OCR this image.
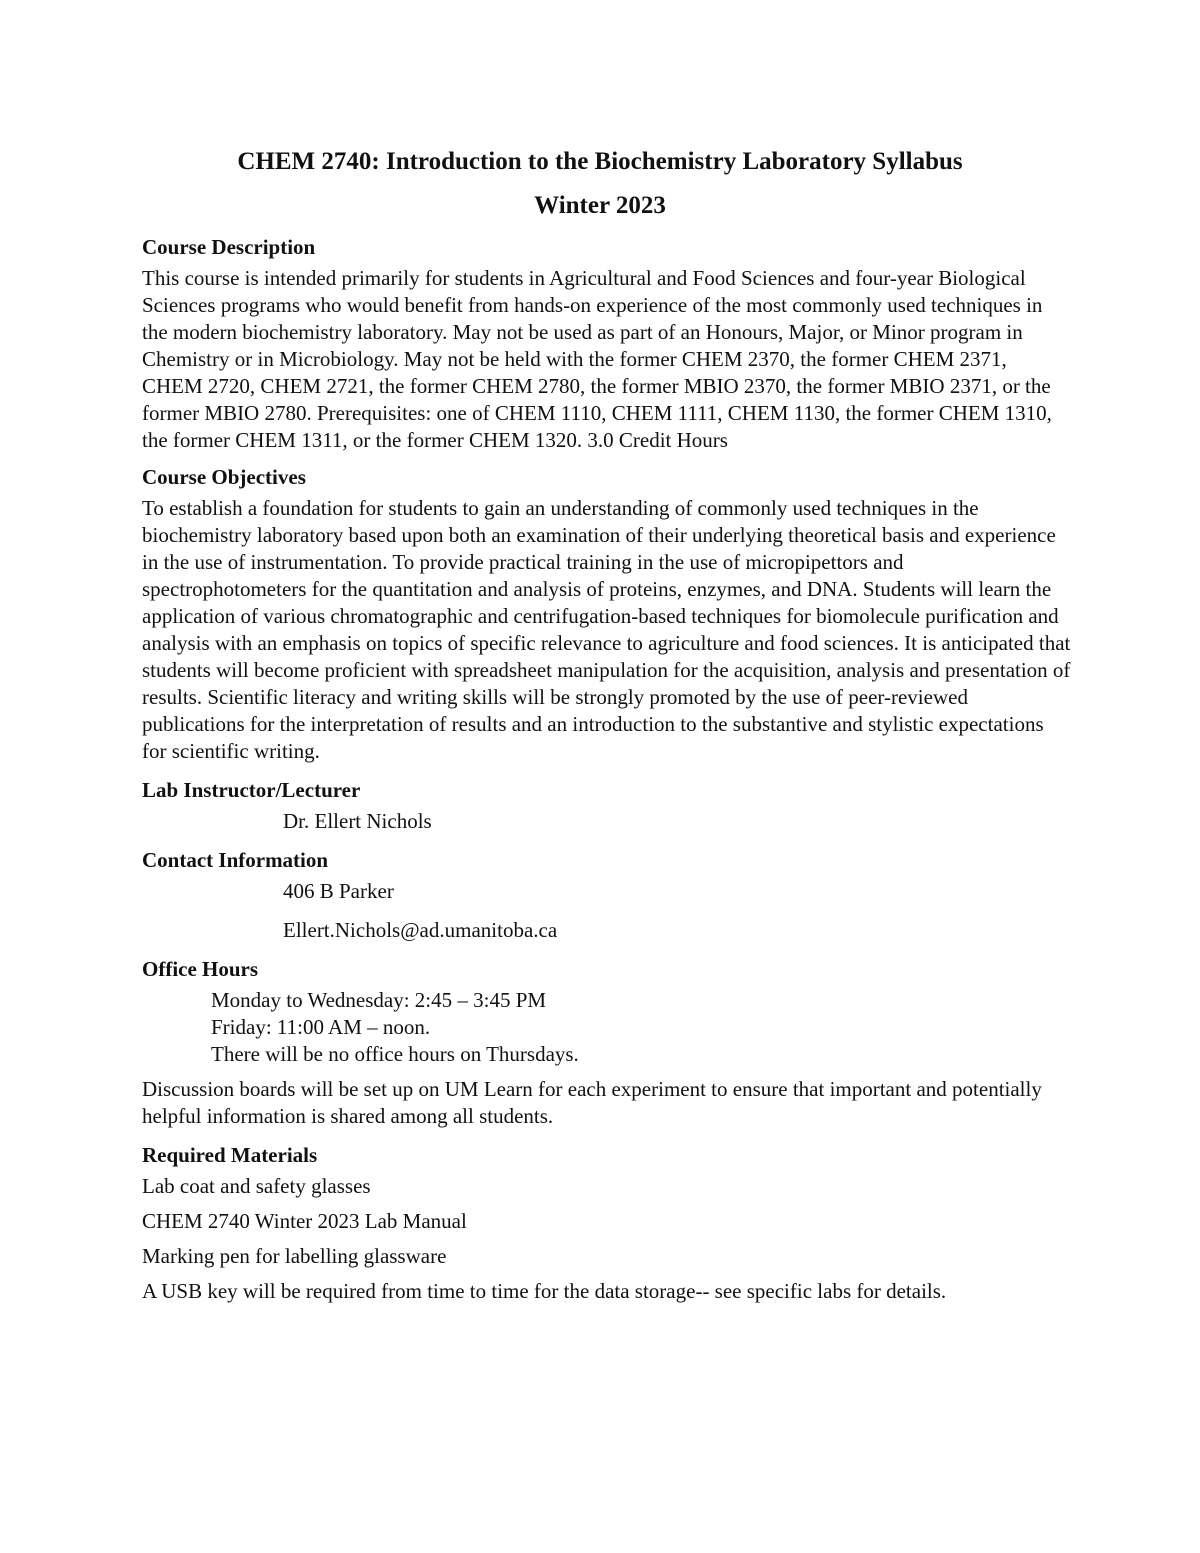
CHEM 2740: Introduction to the Biochemistry Laboratory Syllabus
Winter 2023
Course Description

This course is intended primarily for students in Agricultural and Food Sciences and four-year Biological Sciences programs who would benefit from hands-on experience of the most commonly used techniques in the modern biochemistry laboratory. May not be used as part of an Honours, Major, or Minor program in Chemistry or in Microbiology. May not be held with the former CHEM 2370, the former CHEM 2371, CHEM 2720, CHEM 2721, the former CHEM 2780, the former MBIO 2370, the former MBIO 2371, or the former MBIO 2780. Prerequisites: one of CHEM 1110, CHEM 1111, CHEM 1130, the former CHEM 1310, the former CHEM 1311, or the former CHEM 1320. 3.0 Credit Hours

Course Objectives

To establish a foundation for students to gain an understanding of commonly used techniques in the biochemistry laboratory based upon both an examination of their underlying theoretical basis and experience in the use of instrumentation. To provide practical training in the use of micropipettors and spectrophotometers for the quantitation and analysis of proteins, enzymes, and DNA. Students will learn the application of various chromatographic and centrifugation-based techniques for biomolecule purification and analysis with an emphasis on topics of specific relevance to agriculture and food sciences. It is anticipated that students will become proficient with spreadsheet manipulation for the acquisition, analysis and presentation of results. Scientific literacy and writing skills will be strongly promoted by the use of peer-reviewed publications for the interpretation of results and an introduction to the substantive and stylistic expectations for scientific writing.

Lab Instructor/Lecturer
Dr. Ellert Nichols
Contact Information
406 B Parker
Ellert.Nichols@ad.umanitoba.ca
Office Hours
Monday to Wednesday: 2:45 – 3:45 PM
Friday: 11:00 AM – noon.
There will be no office hours on Thursdays.

Discussion boards will be set up on UM Learn for each experiment to ensure that important and potentially helpful information is shared among all students.

Required Materials
Lab coat and safety glasses
CHEM 2740 Winter 2023 Lab Manual
Marking pen for labelling glassware
A USB key will be required from time to time for the data storage-- see specific labs for details.
